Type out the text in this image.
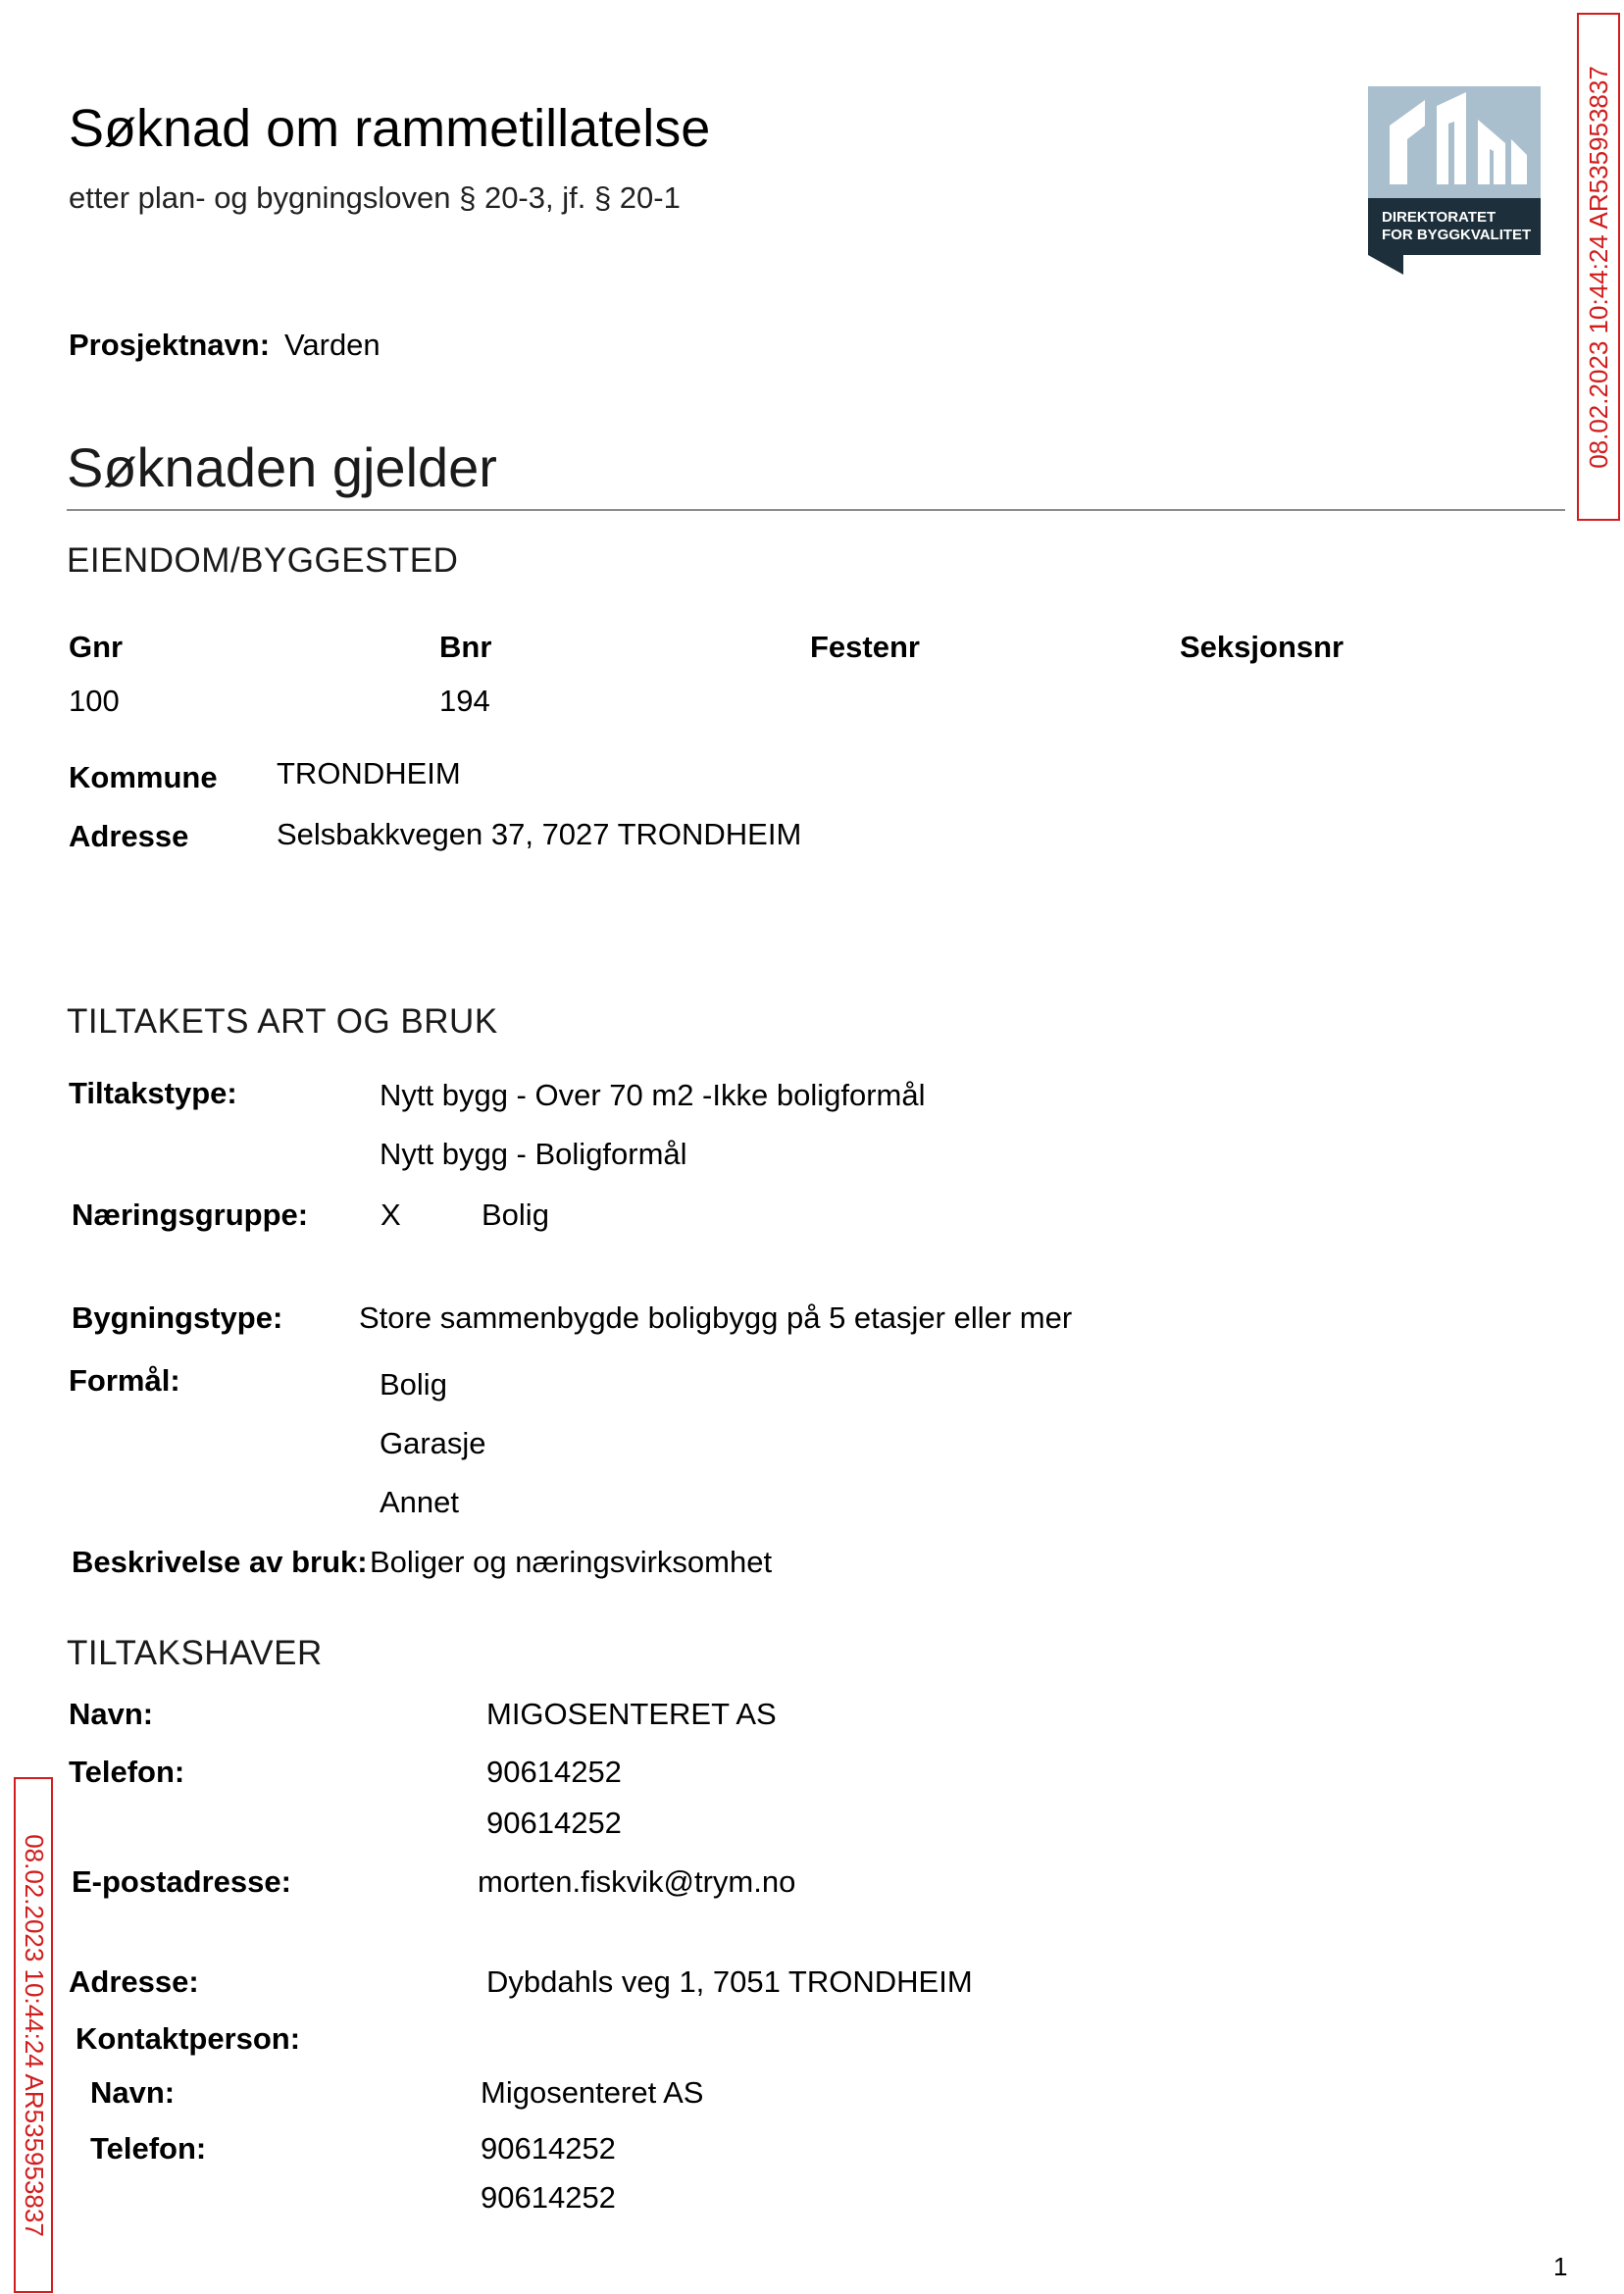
Søknad om rammetillatelse
etter plan- og bygningsloven § 20-3, jf. § 20-1
DIREKTORATET
FOR BYGGKVALITET
Prosjektnavn: Varden
Søknaden gjelder
EIENDOM/BYGGESTED
Gnr	Bnr	Festenr	Seksjonsnr
100	194
Kommune TRONDHEIM
Adresse	Selsbakkvegen 37, 7027 TRONDHEIM
TILTAKETS ART OG BRUK
Tiltakstype:	Nytt bygg - Over 70 m2 -Ikke boligformål
Nytt bygg - Boligformål
Næringsgruppe: X	Bolig
Bygningstype:	Store sammenbygde boligbygg på 5 etasjer eller mer
Formål:	Bolig
Garasje
Annet
Beskrivelse av bruk: Boliger og næringsvirksomhet
TILTAKSHAVER
Navn:	MIGOSENTERET AS
Telefon:	90614252
90614252
E-postadresse:	morten.fiskvik@trym.no
Adresse:	Dybdahls veg 1, 7051 TRONDHEIM
Kontaktperson:
Navn:	Migosenteret AS
Telefon:	90614252
90614252
08.02.2023 10:44:24 AR535953837
08.02.2023 10:44:24 AR535953837
1
